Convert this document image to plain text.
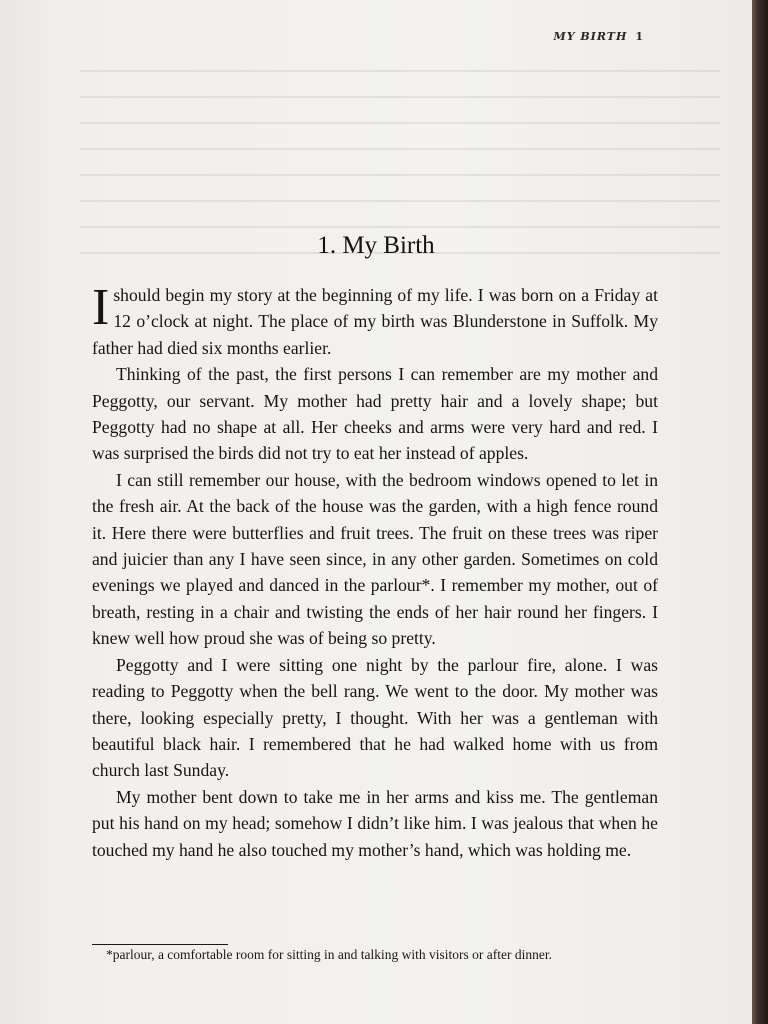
MY BIRTH 1
1. My Birth

I should begin my story at the beginning of my life. I was born on a Friday at 12 o’clock at night. The place of my birth was Blunderstone in Suffolk. My father had died six months earlier.

Thinking of the past, the first persons I can remember are my mother and Peggotty, our servant. My mother had pretty hair and a lovely shape; but Peggotty had no shape at all. Her cheeks and arms were very hard and red. I was surprised the birds did not try to eat her instead of apples.

I can still remember our house, with the bedroom windows opened to let in the fresh air. At the back of the house was the garden, with a high fence round it. Here there were butterflies and fruit trees. The fruit on these trees was riper and juicier than any I have seen since, in any other garden. Sometimes on cold evenings we played and danced in the parlour*. I remember my mother, out of breath, resting in a chair and twisting the ends of her hair round her fingers. I knew well how proud she was of being so pretty.

Peggotty and I were sitting one night by the parlour fire, alone. I was reading to Peggotty when the bell rang. We went to the door. My mother was there, looking especially pretty, I thought. With her was a gentleman with beautiful black hair. I remembered that he had walked home with us from church last Sunday.

My mother bent down to take me in her arms and kiss me. The gentleman put his hand on my head; somehow I didn’t like him. I was jealous that when he touched my hand he also touched my mother’s hand, which was holding me.

*parlour, a comfortable room for sitting in and talking with visitors or after dinner.
